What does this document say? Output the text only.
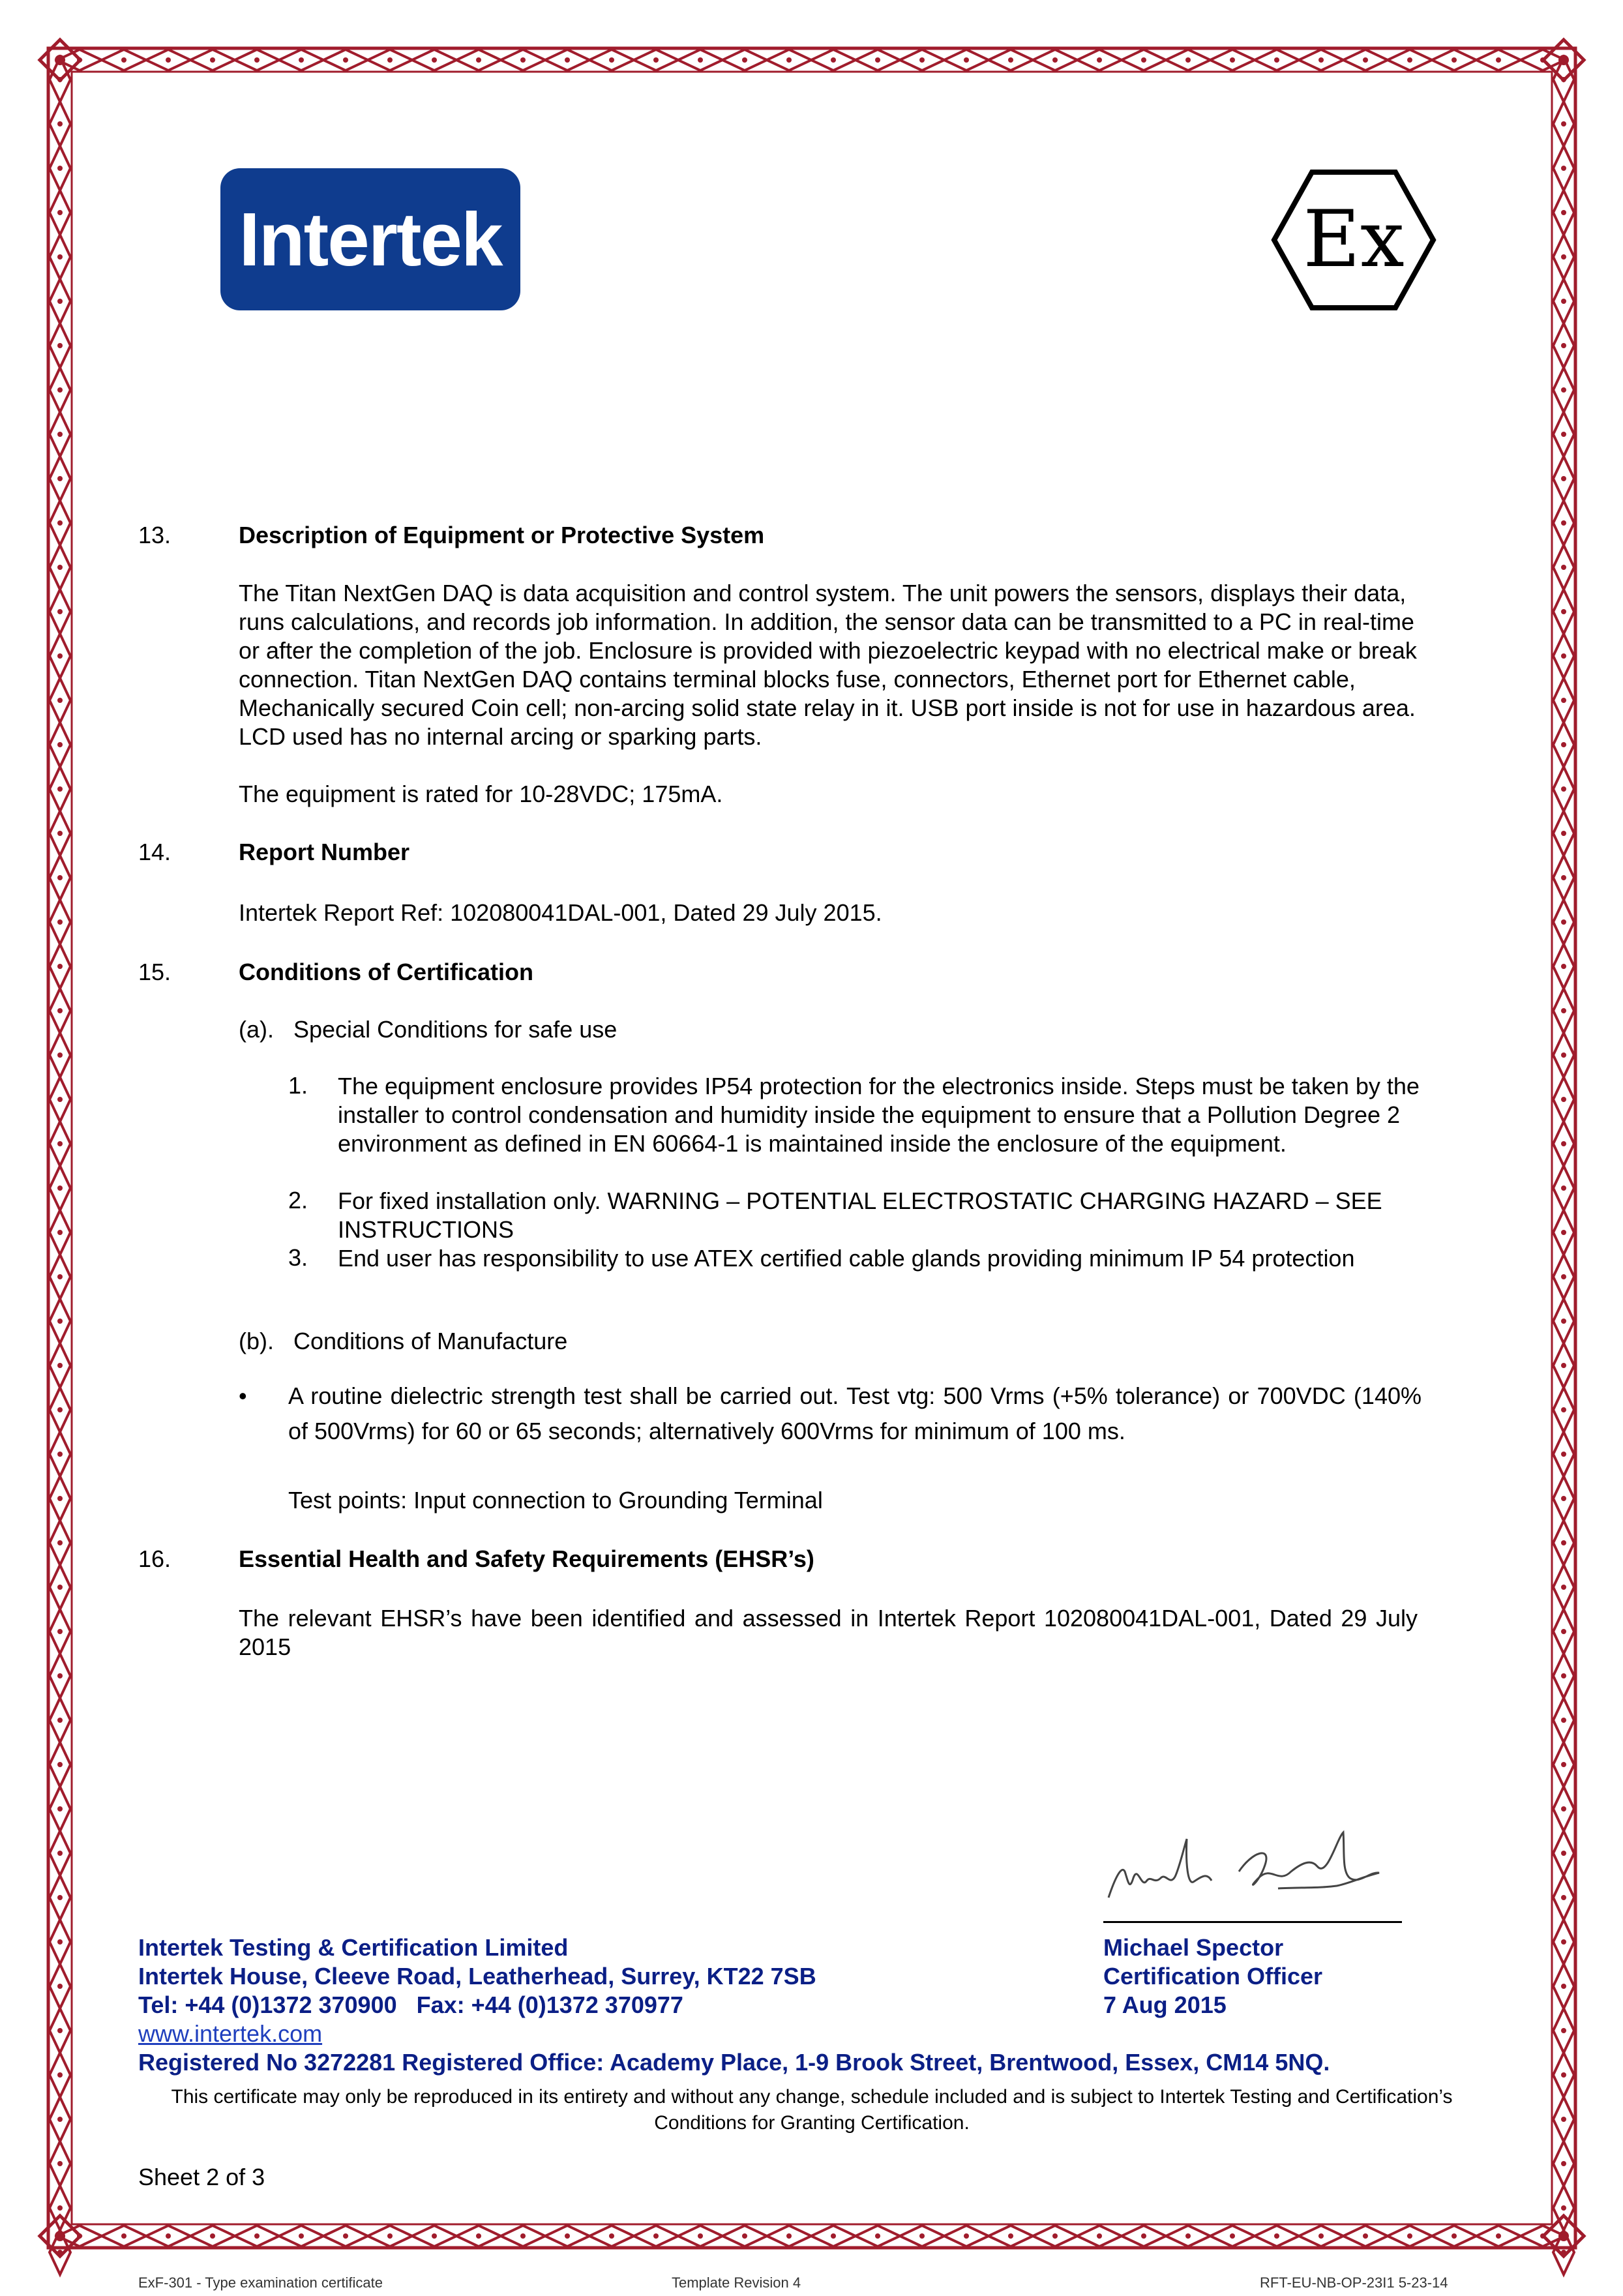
Intertek	Ex
13.	Description of Equipment or Protective System
The Titan NextGen DAQ is data acquisition and control system. The unit powers the sensors, displays their data, runs calculations, and records job information. In addition, the sensor data can be transmitted to a PC in real-time or after the completion of the job. Enclosure is provided with piezoelectric keypad with no electrical make or break connection. Titan NextGen DAQ contains terminal blocks fuse, connectors, Ethernet port for Ethernet cable, Mechanically secured Coin cell; non-arcing solid state relay in it. USB port inside is not for use in hazardous area. LCD used has no internal arcing or sparking parts.
The equipment is rated for 10-28VDC; 175mA.
14.	Report Number
Intertek Report Ref: 102080041DAL-001, Dated 29 July 2015.
15.	Conditions of Certification
(a). Special Conditions for safe use
1. The equipment enclosure provides IP54 protection for the electronics inside. Steps must be taken by the installer to control condensation and humidity inside the equipment to ensure that a Pollution Degree 2 environment as defined in EN 60664-1 is maintained inside the enclosure of the equipment.
2. For fixed installation only. WARNING – POTENTIAL ELECTROSTATIC CHARGING HAZARD – SEE INSTRUCTIONS
3. End user has responsibility to use ATEX certified cable glands providing minimum IP 54 protection
(b). Conditions of Manufacture
• A routine dielectric strength test shall be carried out. Test vtg: 500 Vrms (+5% tolerance) or 700VDC (140% of 500Vrms) for 60 or 65 seconds; alternatively 600Vrms for minimum of 100 ms.
Test points: Input connection to Grounding Terminal
16.	Essential Health and Safety Requirements (EHSR’s)
The relevant EHSR’s have been identified and assessed in Intertek Report 102080041DAL-001, Dated 29 July 2015
Intertek Testing & Certification Limited
Intertek House, Cleeve Road, Leatherhead, Surrey, KT22 7SB
Tel: +44 (0)1372 370900   Fax: +44 (0)1372 370977
www.intertek.com
Registered No 3272281 Registered Office: Academy Place, 1-9 Brook Street, Brentwood, Essex, CM14 5NQ.
Michael Spector
Certification Officer
7 Aug 2015
This certificate may only be reproduced in its entirety and without any change, schedule included and is subject to Intertek Testing and Certification’s Conditions for Granting Certification.
Sheet 2 of 3
ExF-301 - Type examination certificate	Template Revision 4	RFT-EU-NB-OP-23I1 5-23-14
